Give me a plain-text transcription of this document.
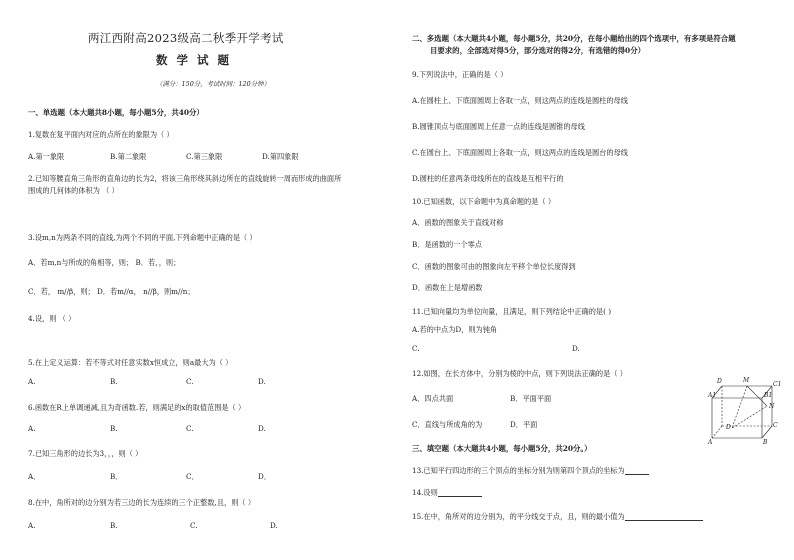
两江西附高2023级高二秋季开学考试
数学试题
（满分：150分，考试时间：120分钟）
一、单选题（本大题共8小题，每小题5分，共40分）
1.复数在复平面内对应的点所在的象限为（ ）
A.第一象限	B.第二象限	C.第三象限	D.第四象限
2.已知等腰直角三角形的直角边的长为2，将该三角形绕其斜边所在的直线旋转一周而形成的曲面所
围成的几何体的体积为 （ ）
3.设m,n为两条不同的直线,为两个不同的平面,下列命题中正确的是（ ）
A．若m,n与所成的角相等，则； B．若，，则；
C．若， m//β，则； D．若m//α， n//β，则m//n；
4.设，则 （ ）
5.在上定义运算：若不等式对任意实数x恒成立，则a最大为（ ）
A.	B.	C.	D.
6.函数在R上单调递减,且为奇函数.若，则满足的x的取值范围是（ ）
A.	B.	C.	D.
7.已知三角形的边长为3，，，则（ ）
A．	B．	C．	D．
8.在中，角所对的边分别为若三边的长为连续的三个正整数,且，则（ ）
A.	B.	C.	D.
二、多选题（本大题共4小题，每小题5分，共20分，在每小题给出的四个选项中，有多项是符合题
目要求的，全部选对得5分，部分选对的得2分，有选错的得0分）
9.下列说法中，正确的是（ ）
A.在圆柱上、下底面圆周上各取一点，则这两点的连线是圆柱的母线
B.圆锥顶点与底面圆周上任意一点的连线是圆锥的母线
C.在圆台上、下底面圆周上各取一点，则这两点的连线是圆台的母线
D.圆柱的任意两条母线所在的直线是互相平行的
10.已知函数，以下命题中为真命题的是（ ）
A．函数的图象关于直线对称
B．是函数的一个零点
C．函数的图象可由的图象向左平移个单位长度得到
D．函数在上是增函数
11.已知向量均为单位向量，且满足，则下列结论中正确的是( )
A.若的中点为D，则为钝角
C.	D.
12.如图，在长方体中，分别为棱的中点，则下列说法正确的是（ ）
A．四点共面	B．平面平面
C．直线与所成角的为	D．平面
三、填空题（本大题共4小题，每小题5分，共20分。）
13.已知平行四边形的三个顶点的坐标分别为则第四个顶点的坐标为
14.设则
15.在中，角所对的边分别为，的平分线交于点，且，则的最小值为
D	M
C1
A1	B1
N
D	C
A	B
